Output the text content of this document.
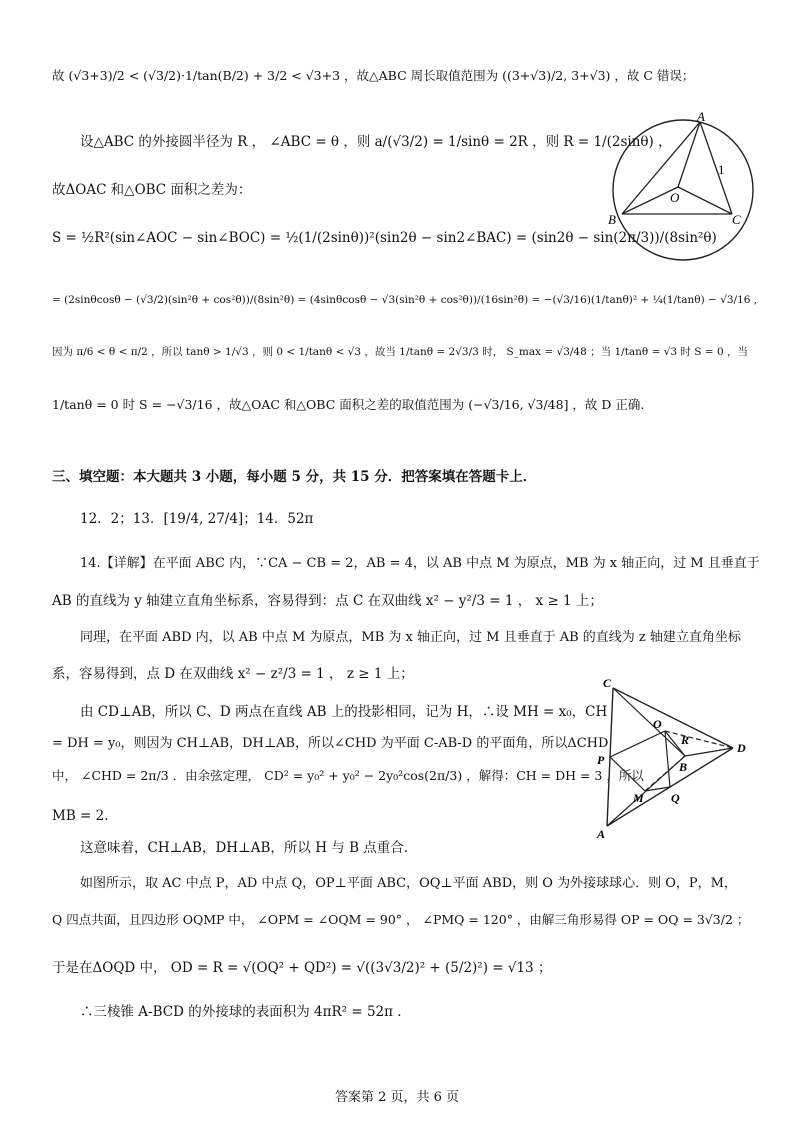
故 (√3+3)/2 < (√3/2)·1/tan(B/2) + 3/2 < √3+3 ，故△ABC 周长取值范围为 ((3+√3)/2, 3+√3) ，故 C 错误；
设△ABC 的外接圆半径为 R ， ∠ABC = θ ，则 a/(√3/2) = 1/sinθ = 2R ，则 R = 1/(2sinθ) ，
故ΔOAC 和△OBC 面积之差为：
S = ½R²(sin∠AOC − sin∠BOC) = ½(1/(2sinθ))²(sin2θ − sin2∠BAC) = (sin2θ − sin(2π/3))/(8sin²θ)
= (2sinθcosθ − (√3/2)(sin²θ + cos²θ))/(8sin²θ) = (4sinθcosθ − √3(sin²θ + cos²θ))/(16sin²θ) = −(√3/16)(1/tanθ)² + ¼(1/tanθ) − √3/16 ,
因为 π/6 < θ < π/2 ，所以 tanθ > 1/√3 ，则 0 < 1/tanθ < √3 ，故当 1/tanθ = 2√3/3 时， S_max = √3/48 ；当 1/tanθ = √3 时 S = 0 ，当
1/tanθ = 0 时 S = −√3/16 ，故△OAC 和△OBC 面积之差的取值范围为 (−√3/16, √3/48] ，故 D 正确.
三、填空题：本大题共 3 小题，每小题 5 分，共 15 分．把答案填在答题卡上．
12．2；13．[19/4, 27/4]；14．52π
14.【详解】在平面 ABC 内，∵CA − CB = 2，AB = 4，以 AB 中点 M 为原点，MB 为 x 轴正向，过 M 且垂直于
AB 的直线为 y 轴建立直角坐标系，容易得到：点 C 在双曲线 x² − y²/3 = 1 ， x ≥ 1 上；
同理，在平面 ABD 内，以 AB 中点 M 为原点，MB 为 x 轴正向，过 M 且垂直于 AB 的直线为 z 轴建立直角坐标
系，容易得到，点 D 在双曲线 x² − z²/3 = 1 ， z ≥ 1 上；
由 CD⊥AB，所以 C、D 两点在直线 AB 上的投影相同，记为 H，∴设 MH = x₀，CH
= DH = y₀，则因为 CH⊥AB，DH⊥AB，所以∠CHD 为平面 C-AB-D 的平面角，所以ΔCHD
中， ∠CHD = 2π/3 ．由余弦定理， CD² = y₀² + y₀² − 2y₀²cos(2π/3) ，解得：CH = DH = 3 ，所以
MB = 2.
这意味着，CH⊥AB，DH⊥AB，所以 H 与 B 点重合.
如图所示，取 AC 中点 P，AD 中点 Q，OP⊥平面 ABC，OQ⊥平面 ABD，则 O 为外接球球心．则 O，P，M，
Q 四点共面，且四边形 OQMP 中， ∠OPM = ∠OQM = 90° ， ∠PMQ = 120° ，由解三角形易得 OP = OQ = 3√3/2 ；
于是在ΔOQD 中， OD = R = √(OQ² + QD²) = √((3√3/2)² + (5/2)²) = √13 ；
∴三棱锥 A-BCD 的外接球的表面积为 4πR² = 52π .
A
B	C
O
1
C
O
R
D
P	B
M Q
A
答案第 2 页，共 6 页
